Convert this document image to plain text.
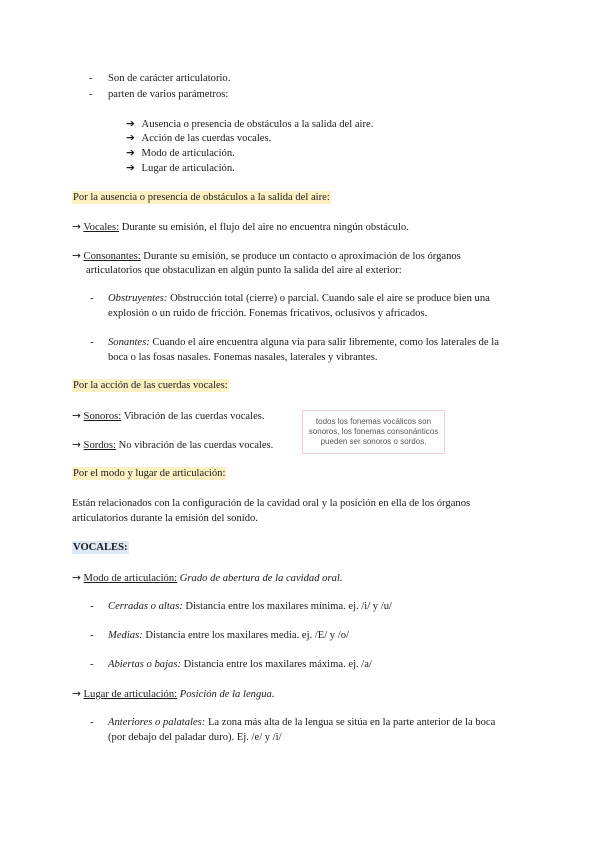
- Son de carácter articulatorio.
- parten de varios parámetros:
➔ Ausencia o presencia de obstáculos a la salida del aire.
➔ Acción de las cuerdas vocales.
➔ Modo de articulación.
➔ Lugar de articulación.
Por la ausencia o presencia de obstáculos a la salida del aire:
→ Vocales: Durante su emisión, el flujo del aire no encuentra ningún obstáculo.
→ Consonantes: Durante su emisión, se produce un contacto o aproximación de los órganos
articulatorios que obstaculizan en algún punto la salida del aire al exterior:
- Obstruyentes: Obstrucción total (cierre) o parcial. Cuando sale el aire se produce bien una
explosión o un ruido de fricción. Fonemas fricativos, oclusivos y africados.
- Sonantes: Cuando el aire encuentra alguna vía para salir libremente, como los laterales de la
boca o las fosas nasales. Fonemas nasales, laterales y vibrantes.
Por la acción de las cuerdas vocales:
→ Sonoros: Vibración de las cuerdas vocales.
→ Sordos: No vibración de las cuerdas vocales.
todos los fonemas vocálicos son
sonoros, los fonemas consonánticos
pueden ser sonoros o sordos.
Por el modo y lugar de articulación:
Están relacionados con la configuración de la cavidad oral y la posición en ella de los órganos
articulatorios durante la emisión del sonido.
VOCALES:
→ Modo de articulación: Grado de abertura de la cavidad oral.
- Cerradas o altas: Distancia entre los maxilares mínima. ej. /i/ y /u/
- Medias: Distancia entre los maxilares media. ej. /E/ y /o/
- Abiertas o bajas: Distancia entre los maxilares máxima. ej. /a/
→ Lugar de articulación: Posición de la lengua.
- Anteriores o palatales: La zona más alta de la lengua se sitúa en la parte anterior de la boca
(por debajo del paladar duro). Ej. /e/ y /i/
